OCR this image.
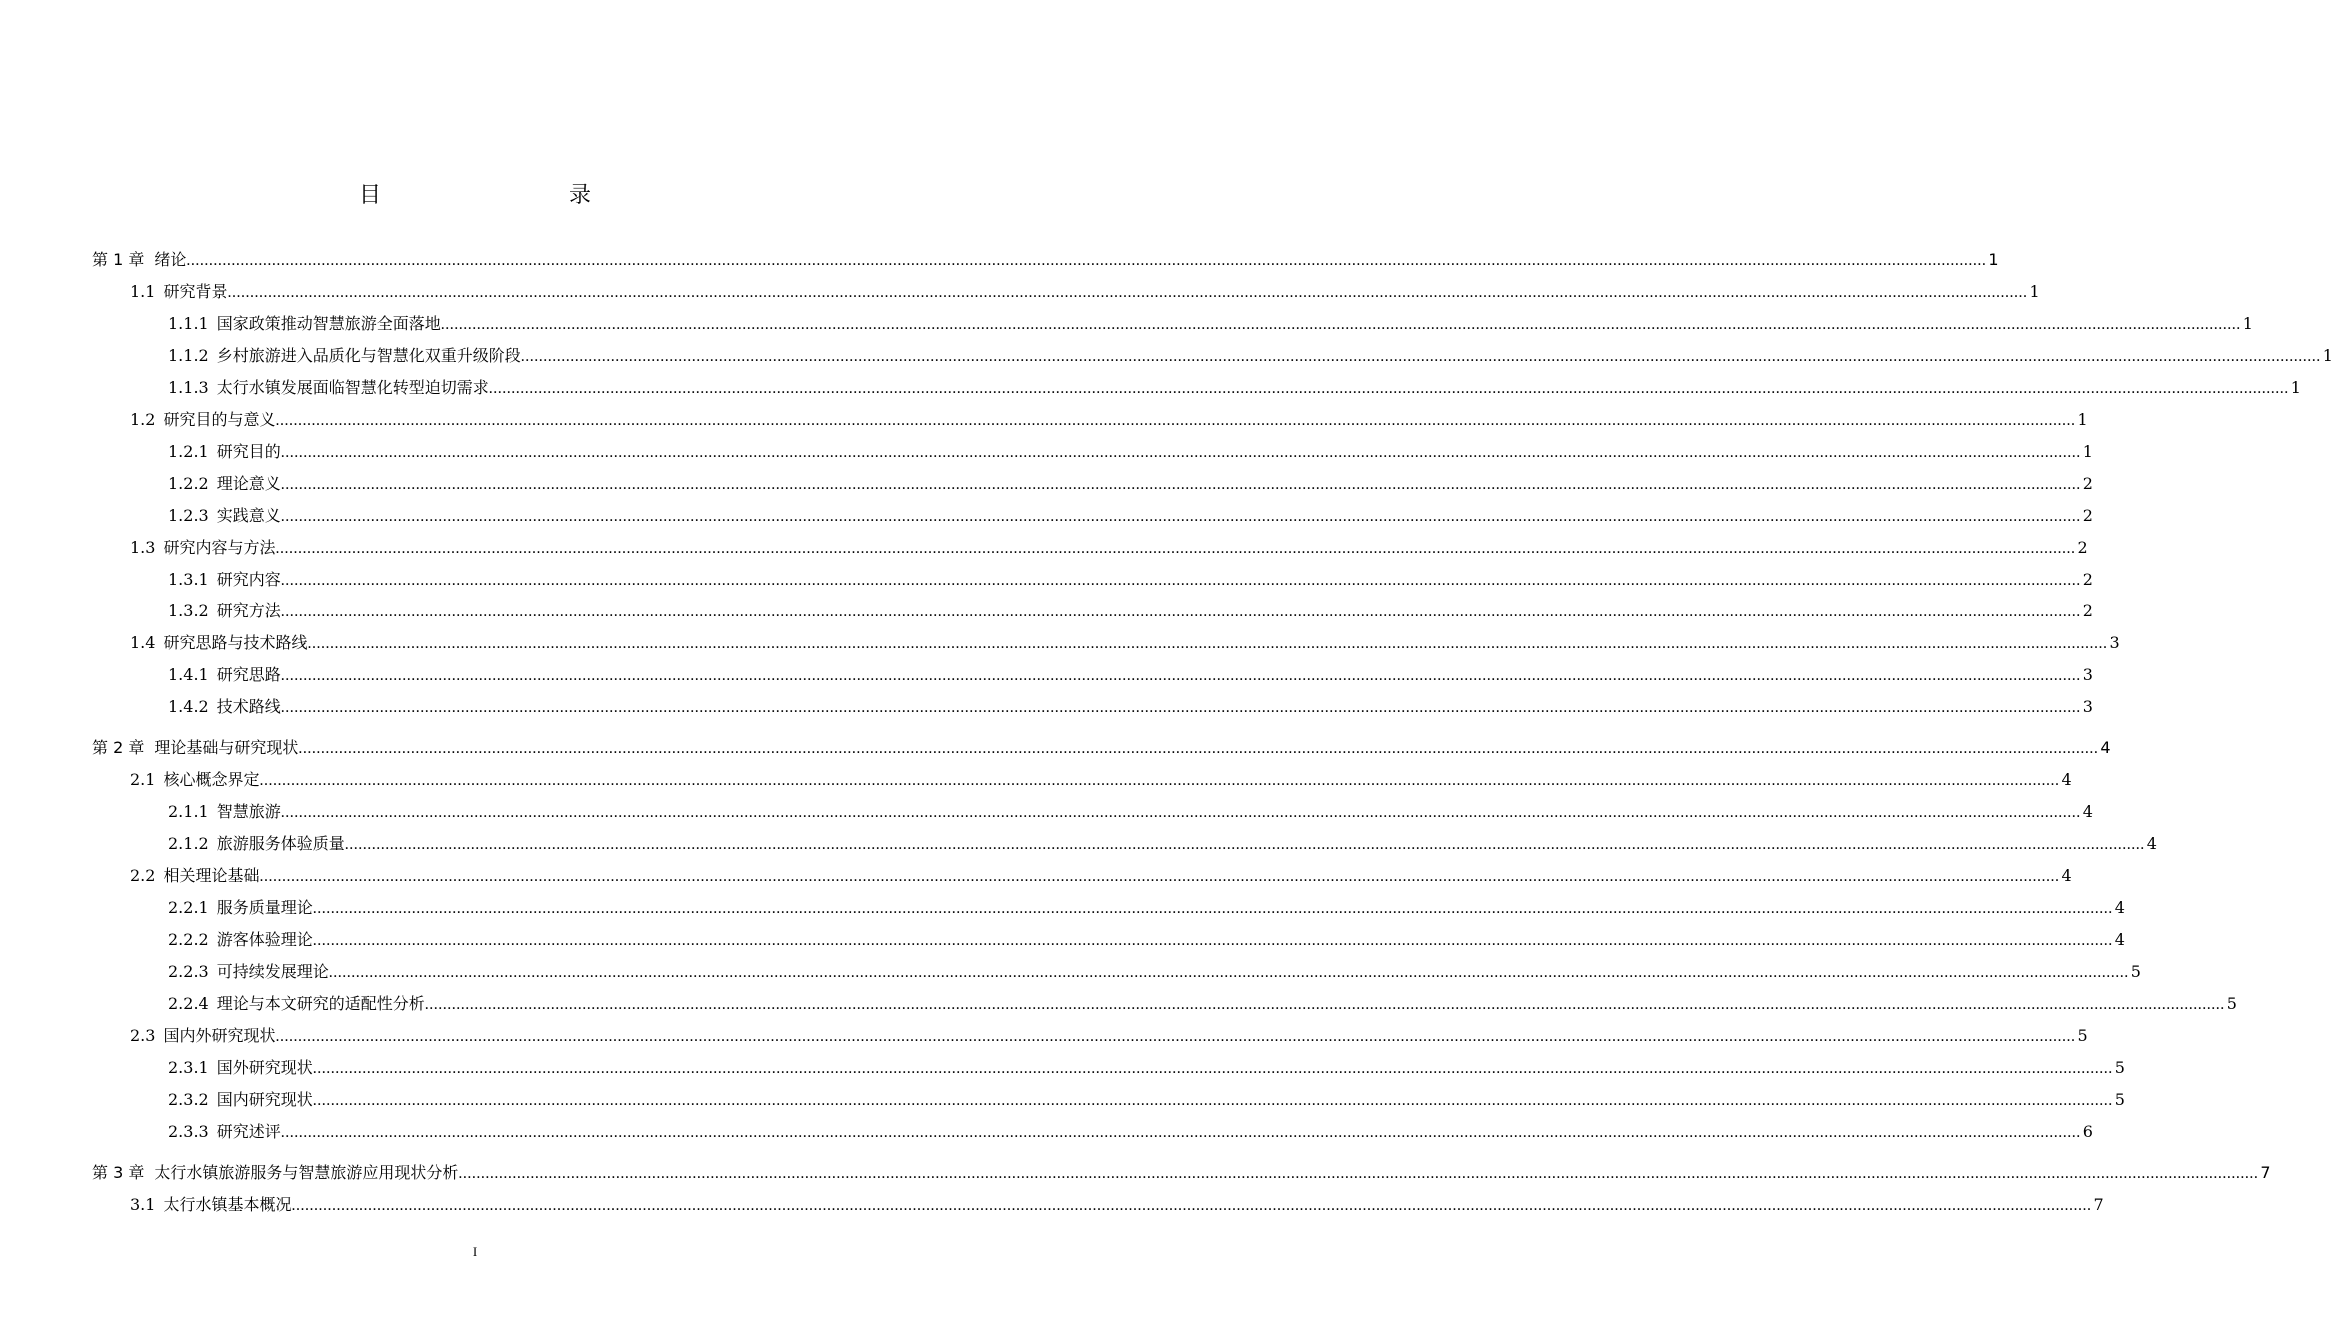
目　　录
第 1 章 绪论 ................................................................................................................................................................................................................................................................................................................................................................................................................ 1
1.1 研究背景 ................................................................................................................................................................................................................................................................................................................................................................................................................ 1
1.1.1 国家政策推动智慧旅游全面落地 ................................................................................................................................................................................................................................................................................................................................................................................................................ 1
1.1.2 乡村旅游进入品质化与智慧化双重升级阶段 ................................................................................................................................................................................................................................................................................................................................................................................................................ 1
1.1.3 太行水镇发展面临智慧化转型迫切需求 ................................................................................................................................................................................................................................................................................................................................................................................................................ 1
1.2 研究目的与意义 ................................................................................................................................................................................................................................................................................................................................................................................................................ 1
1.2.1 研究目的 ................................................................................................................................................................................................................................................................................................................................................................................................................ 1
1.2.2 理论意义 ................................................................................................................................................................................................................................................................................................................................................................................................................ 2
1.2.3 实践意义 ................................................................................................................................................................................................................................................................................................................................................................................................................ 2
1.3 研究内容与方法 ................................................................................................................................................................................................................................................................................................................................................................................................................ 2
1.3.1 研究内容 ................................................................................................................................................................................................................................................................................................................................................................................................................ 2
1.3.2 研究方法 ................................................................................................................................................................................................................................................................................................................................................................................................................ 2
1.4 研究思路与技术路线 ................................................................................................................................................................................................................................................................................................................................................................................................................ 3
1.4.1 研究思路 ................................................................................................................................................................................................................................................................................................................................................................................................................ 3
1.4.2 技术路线 ................................................................................................................................................................................................................................................................................................................................................................................................................ 3
第 2 章 理论基础与研究现状 ................................................................................................................................................................................................................................................................................................................................................................................................................ 4
2.1 核心概念界定 ................................................................................................................................................................................................................................................................................................................................................................................................................ 4
2.1.1 智慧旅游 ................................................................................................................................................................................................................................................................................................................................................................................................................ 4
2.1.2 旅游服务体验质量 ................................................................................................................................................................................................................................................................................................................................................................................................................ 4
2.2 相关理论基础 ................................................................................................................................................................................................................................................................................................................................................................................................................ 4
2.2.1 服务质量理论 ................................................................................................................................................................................................................................................................................................................................................................................................................ 4
2.2.2 游客体验理论 ................................................................................................................................................................................................................................................................................................................................................................................................................ 4
2.2.3 可持续发展理论 ................................................................................................................................................................................................................................................................................................................................................................................................................ 5
2.2.4 理论与本文研究的适配性分析 ................................................................................................................................................................................................................................................................................................................................................................................................................ 5
2.3 国内外研究现状 ................................................................................................................................................................................................................................................................................................................................................................................................................ 5
2.3.1 国外研究现状 ................................................................................................................................................................................................................................................................................................................................................................................................................ 5
2.3.2 国内研究现状 ................................................................................................................................................................................................................................................................................................................................................................................................................ 5
2.3.3 研究述评 ................................................................................................................................................................................................................................................................................................................................................................................................................ 6
第 3 章 太行水镇旅游服务与智慧旅游应用现状分析 ................................................................................................................................................................................................................................................................................................................................................................................................................ 7
3.1 太行水镇基本概况 ................................................................................................................................................................................................................................................................................................................................................................................................................ 7
I
